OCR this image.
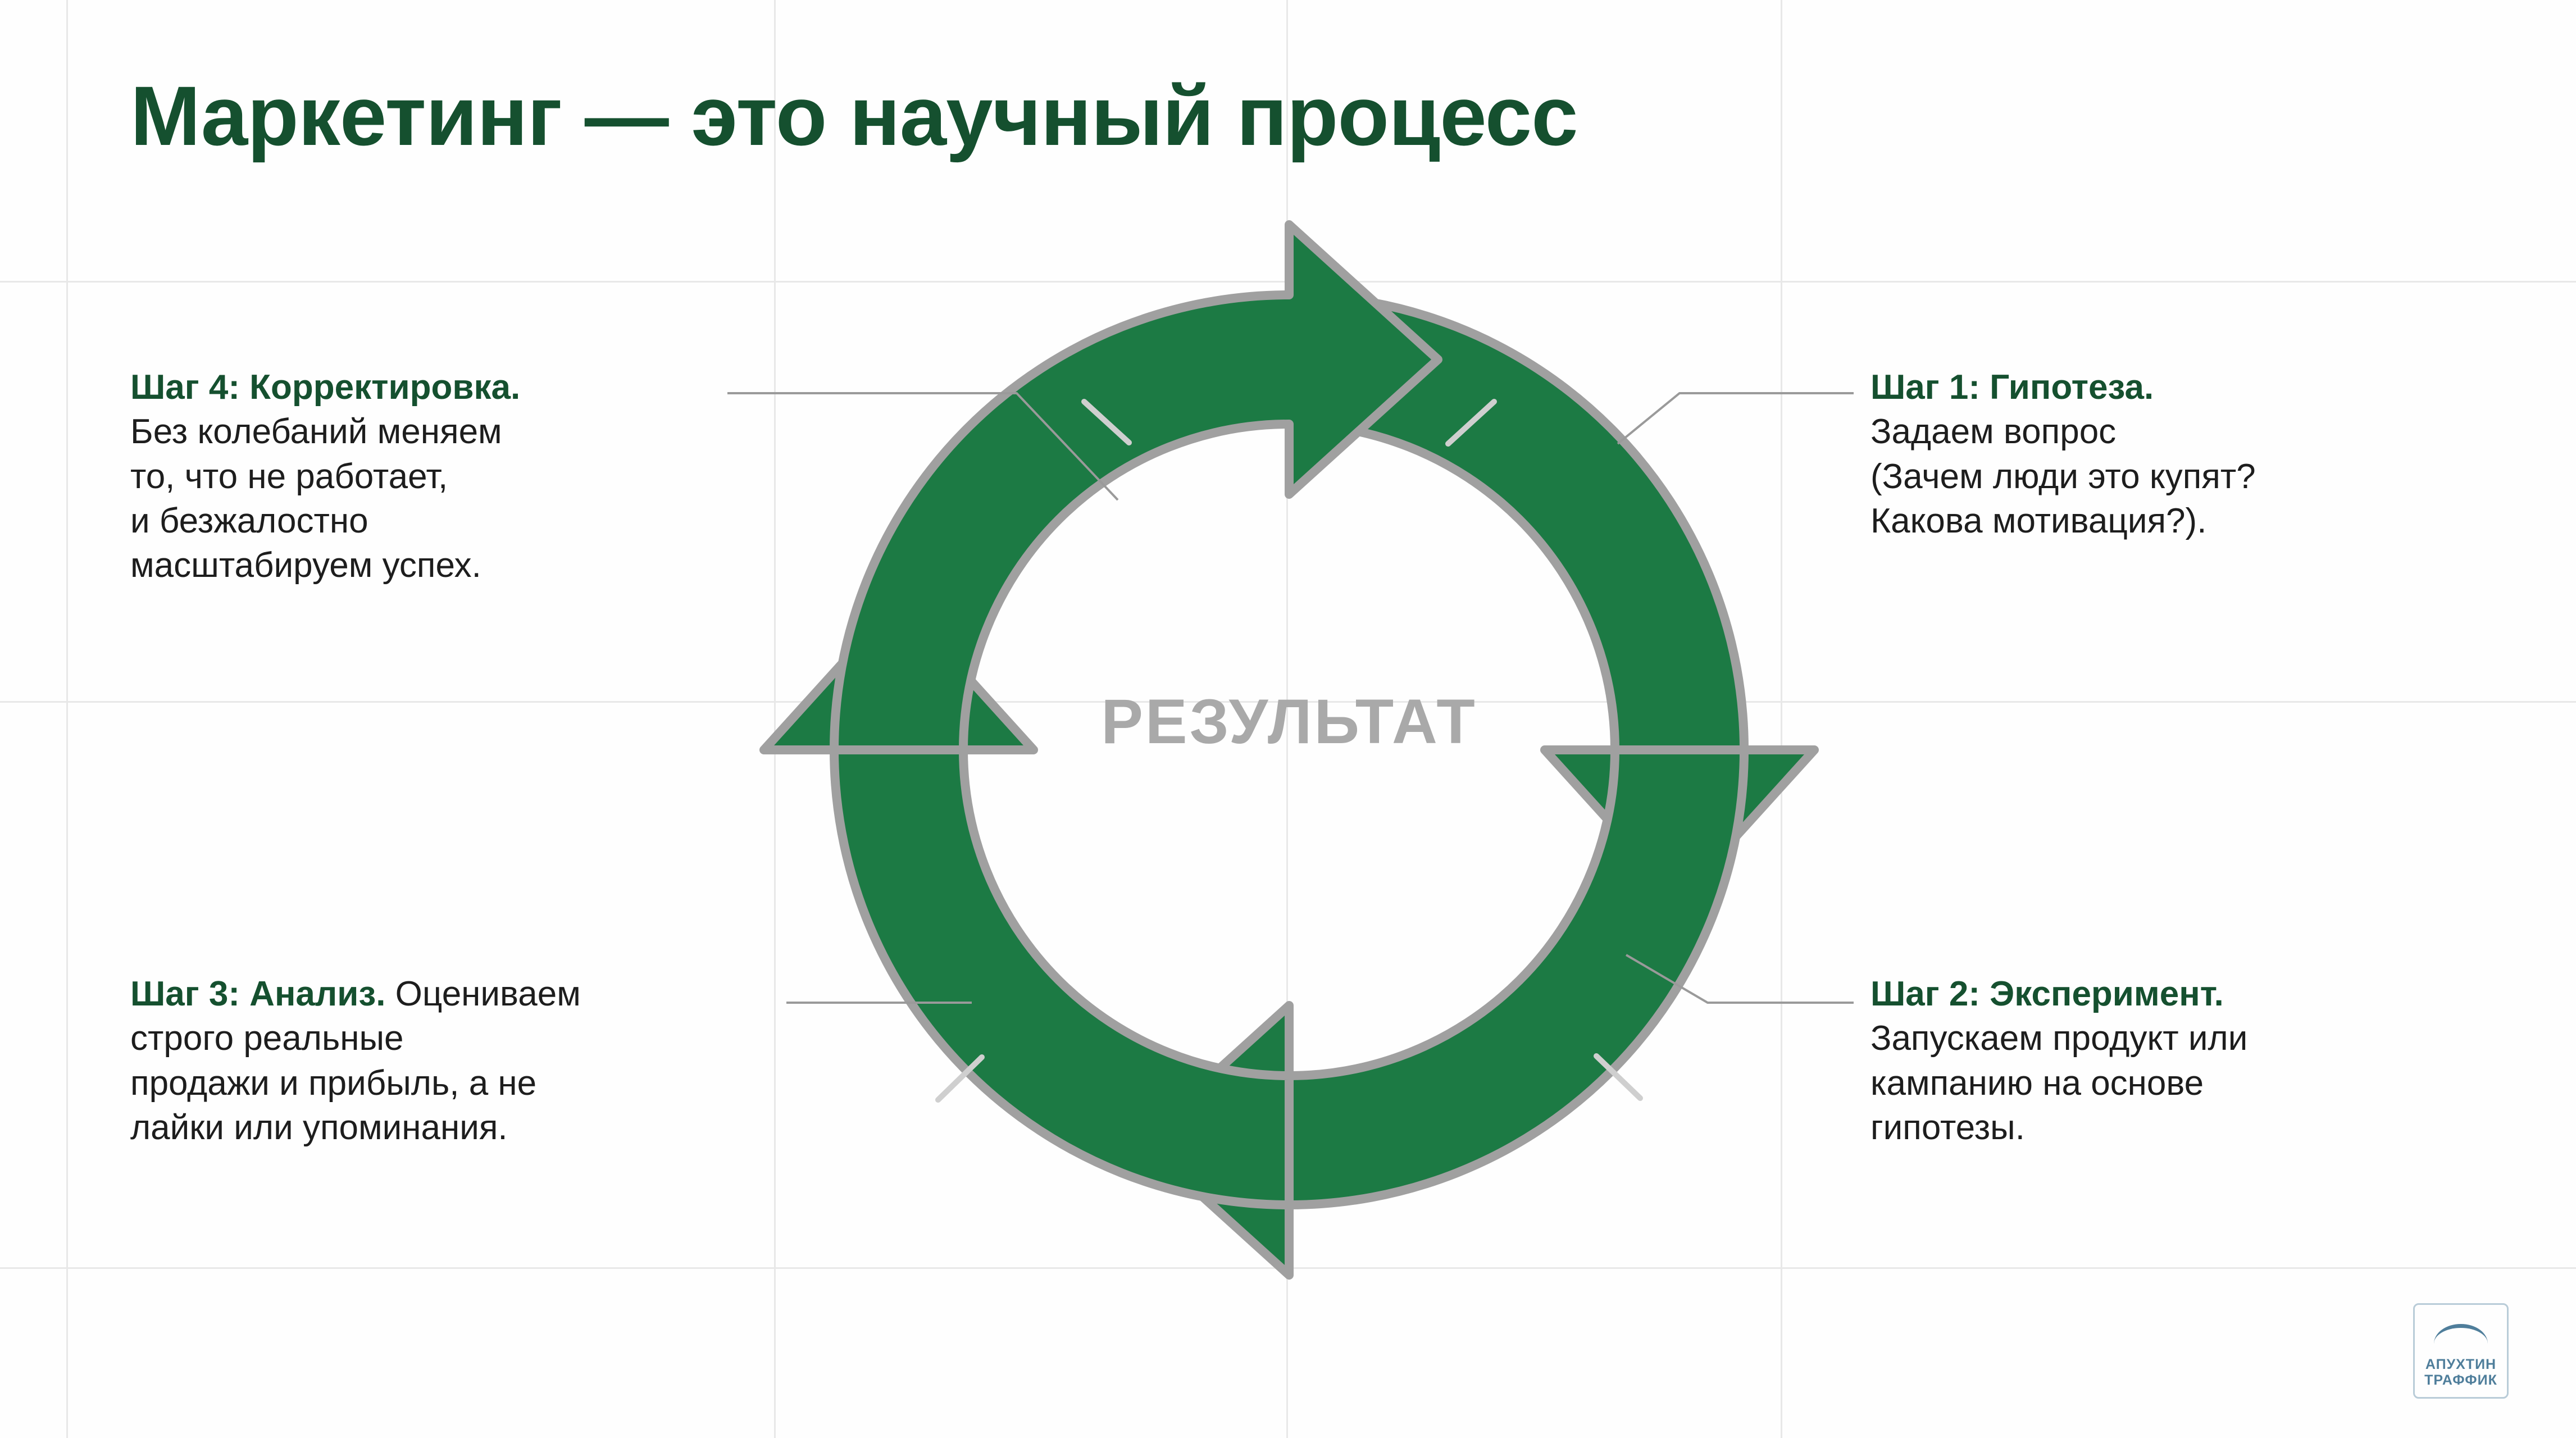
Маркетинг — это научный процесс
РЕЗУЛЬТАТ

Шаг 4: Корректировка.

Без колебаний меняем

то, что не работает,

и безжалостно

масштабируем успех.

Шаг 3: Анализ. Оцениваем

строго реальные

продажи и прибыль, а не

лайки или упоминания.

Шаг 1: Гипотеза.

Задаем вопрос

(Зачем люди это купят?

Какова мотивация?).

Шаг 2: Эксперимент.

Запускаем продукт или

кампанию на основе

гипотезы.

АПУХТИН
ТРАФФИК
